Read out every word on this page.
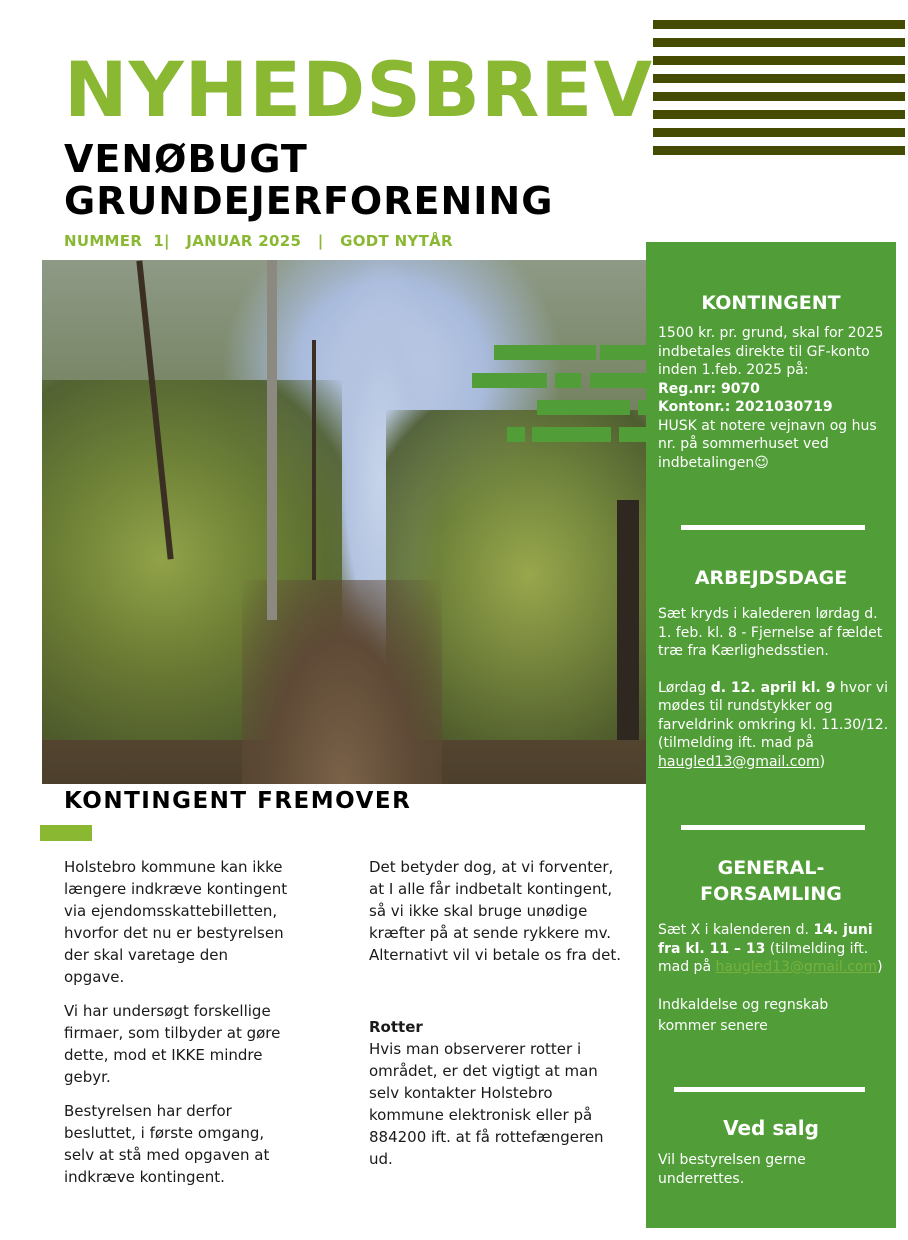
NYHEDSBREV
VENØBUGT
GRUNDEJERFORENING
NUMMER  1|   JANUAR 2025   |   GODT NYTÅR
KONTINGENT
1500 kr. pr. grund, skal for 2025 indbetales direkte til GF-konto inden 1.feb. 2025 på:
Reg.nr: 9070
Kontonr.: 2021030719
HUSK at notere vejnavn og hus nr. på sommerhuset ved indbetalingen😉
ARBEJDSDAGE
Sæt kryds i kalederen lørdag d. 1. feb. kl. 8 - Fjernelse af fældet træ fra Kærlighedsstien.
Lørdag d. 12. april kl. 9 hvor vi mødes til rundstykker og farveldrink omkring kl. 11.30/12. (tilmelding ift. mad på haugled13@gmail.com)
GENERAL-
FORSAMLING
Sæt X i kalenderen d. 14. juni fra kl. 11 – 13 (tilmelding ift. mad på haugled13@gmail.com)
Indkaldelse og regnskab kommer senere
Ved salg
Vil bestyrelsen gerne underrettes.
KONTINGENT FREMOVER

Holstebro kommune kan ikke længere indkræve kontingent via ejendomsskattebilletten, hvorfor det nu er bestyrelsen der skal varetage den opgave.

Vi har undersøgt forskellige firmaer, som tilbyder at gøre dette, mod et IKKE mindre gebyr.

Bestyrelsen har derfor besluttet, i første omgang, selv at stå med opgaven at indkræve kontingent.

Det betyder dog, at vi forventer, at I alle får indbetalt kontingent, så vi ikke skal bruge unødige kræfter på at sende rykkere mv. Alternativt vil vi betale os fra det.

Rotter
Hvis man observerer rotter i området, er det vigtigt at man selv kontakter Holstebro kommune elektronisk eller på 884200 ift. at få rottefængeren ud.
